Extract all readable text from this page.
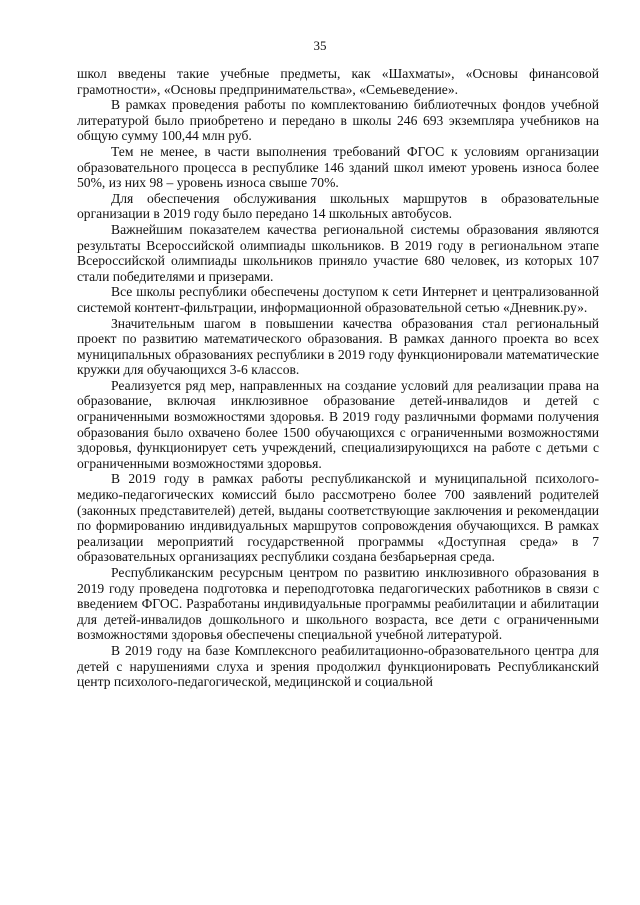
35

школ введены такие учебные предметы, как «Шахматы», «Основы финансовой грамотности», «Основы предпринимательства», «Семьеведение».

В рамках проведения работы по комплектованию библиотечных фондов учебной литературой было приобретено и передано в школы 246 693 экземпляра учебников на общую сумму 100,44 млн руб.

Тем не менее, в части выполнения требований ФГОС к условиям организации образовательного процесса в республике 146 зданий школ имеют уровень износа более 50%, из них 98 – уровень износа свыше 70%.

Для обеспечения обслуживания школьных маршрутов в образовательные организации в 2019 году было передано 14 школьных автобусов.

Важнейшим показателем качества региональной системы образования являются результаты Всероссийской олимпиады школьников. В 2019 году в региональном этапе Всероссийской олимпиады школьников приняло участие 680 человек, из которых 107 стали победителями и призерами.

Все школы республики обеспечены доступом к сети Интернет и централизованной системой контент-фильтрации, информационной образовательной сетью «Дневник.ру».

Значительным шагом в повышении качества образования стал региональный проект по развитию математического образования. В рамках данного проекта во всех муниципальных образованиях республики в 2019 году функционировали математические кружки для обучающихся 3-6 классов.

Реализуется ряд мер, направленных на создание условий для реализации права на образование, включая инклюзивное образование детей-инвалидов и детей с ограниченными возможностями здоровья. В 2019 году различными формами получения образования было охвачено более 1500 обучающихся с ограниченными возможностями здоровья, функционирует сеть учреждений, специализирующихся на работе с детьми с ограниченными возможностями здоровья.

В 2019 году в рамках работы республиканской и муниципальной психолого-медико-педагогических комиссий было рассмотрено более 700 заявлений родителей (законных представителей) детей, выданы соответствующие заключения и рекомендации по формированию индивидуальных маршрутов сопровождения обучающихся. В рамках реализации мероприятий государственной программы «Доступная среда» в 7 образовательных организациях республики создана безбарьерная среда.

Республиканским ресурсным центром по развитию инклюзивного образования в 2019 году проведена подготовка и переподготовка педагогических работников в связи с введением ФГОС. Разработаны индивидуальные программы реабилитации и абилитации для детей-инвалидов дошкольного и школьного возраста, все дети с ограниченными возможностями здоровья обеспечены специальной учебной литературой.

В 2019 году на базе Комплексного реабилитационно-образовательного центра для детей с нарушениями слуха и зрения продолжил функционировать Республиканский центр психолого-педагогической, медицинской и социальной
